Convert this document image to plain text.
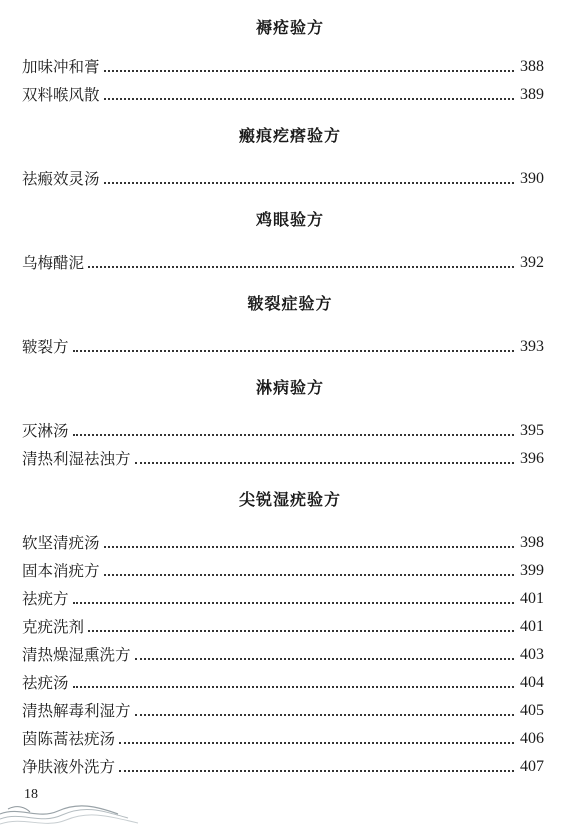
褥疮验方
加味冲和膏	388
双料喉风散	389
瘢痕疙瘩验方
祛瘢效灵汤	390
鸡眼验方
乌梅醋泥	392
皲裂症验方
皲裂方	393
淋病验方
灭淋汤	395
清热利湿祛浊方	396
尖锐湿疣验方
软坚清疣汤	398
固本消疣方	399
祛疣方	401
克疣洗剂	401
清热燥湿熏洗方	403
祛疣汤	404
清热解毒利湿方	405
茵陈蒿祛疣汤	406
净肤液外洗方	407
18
